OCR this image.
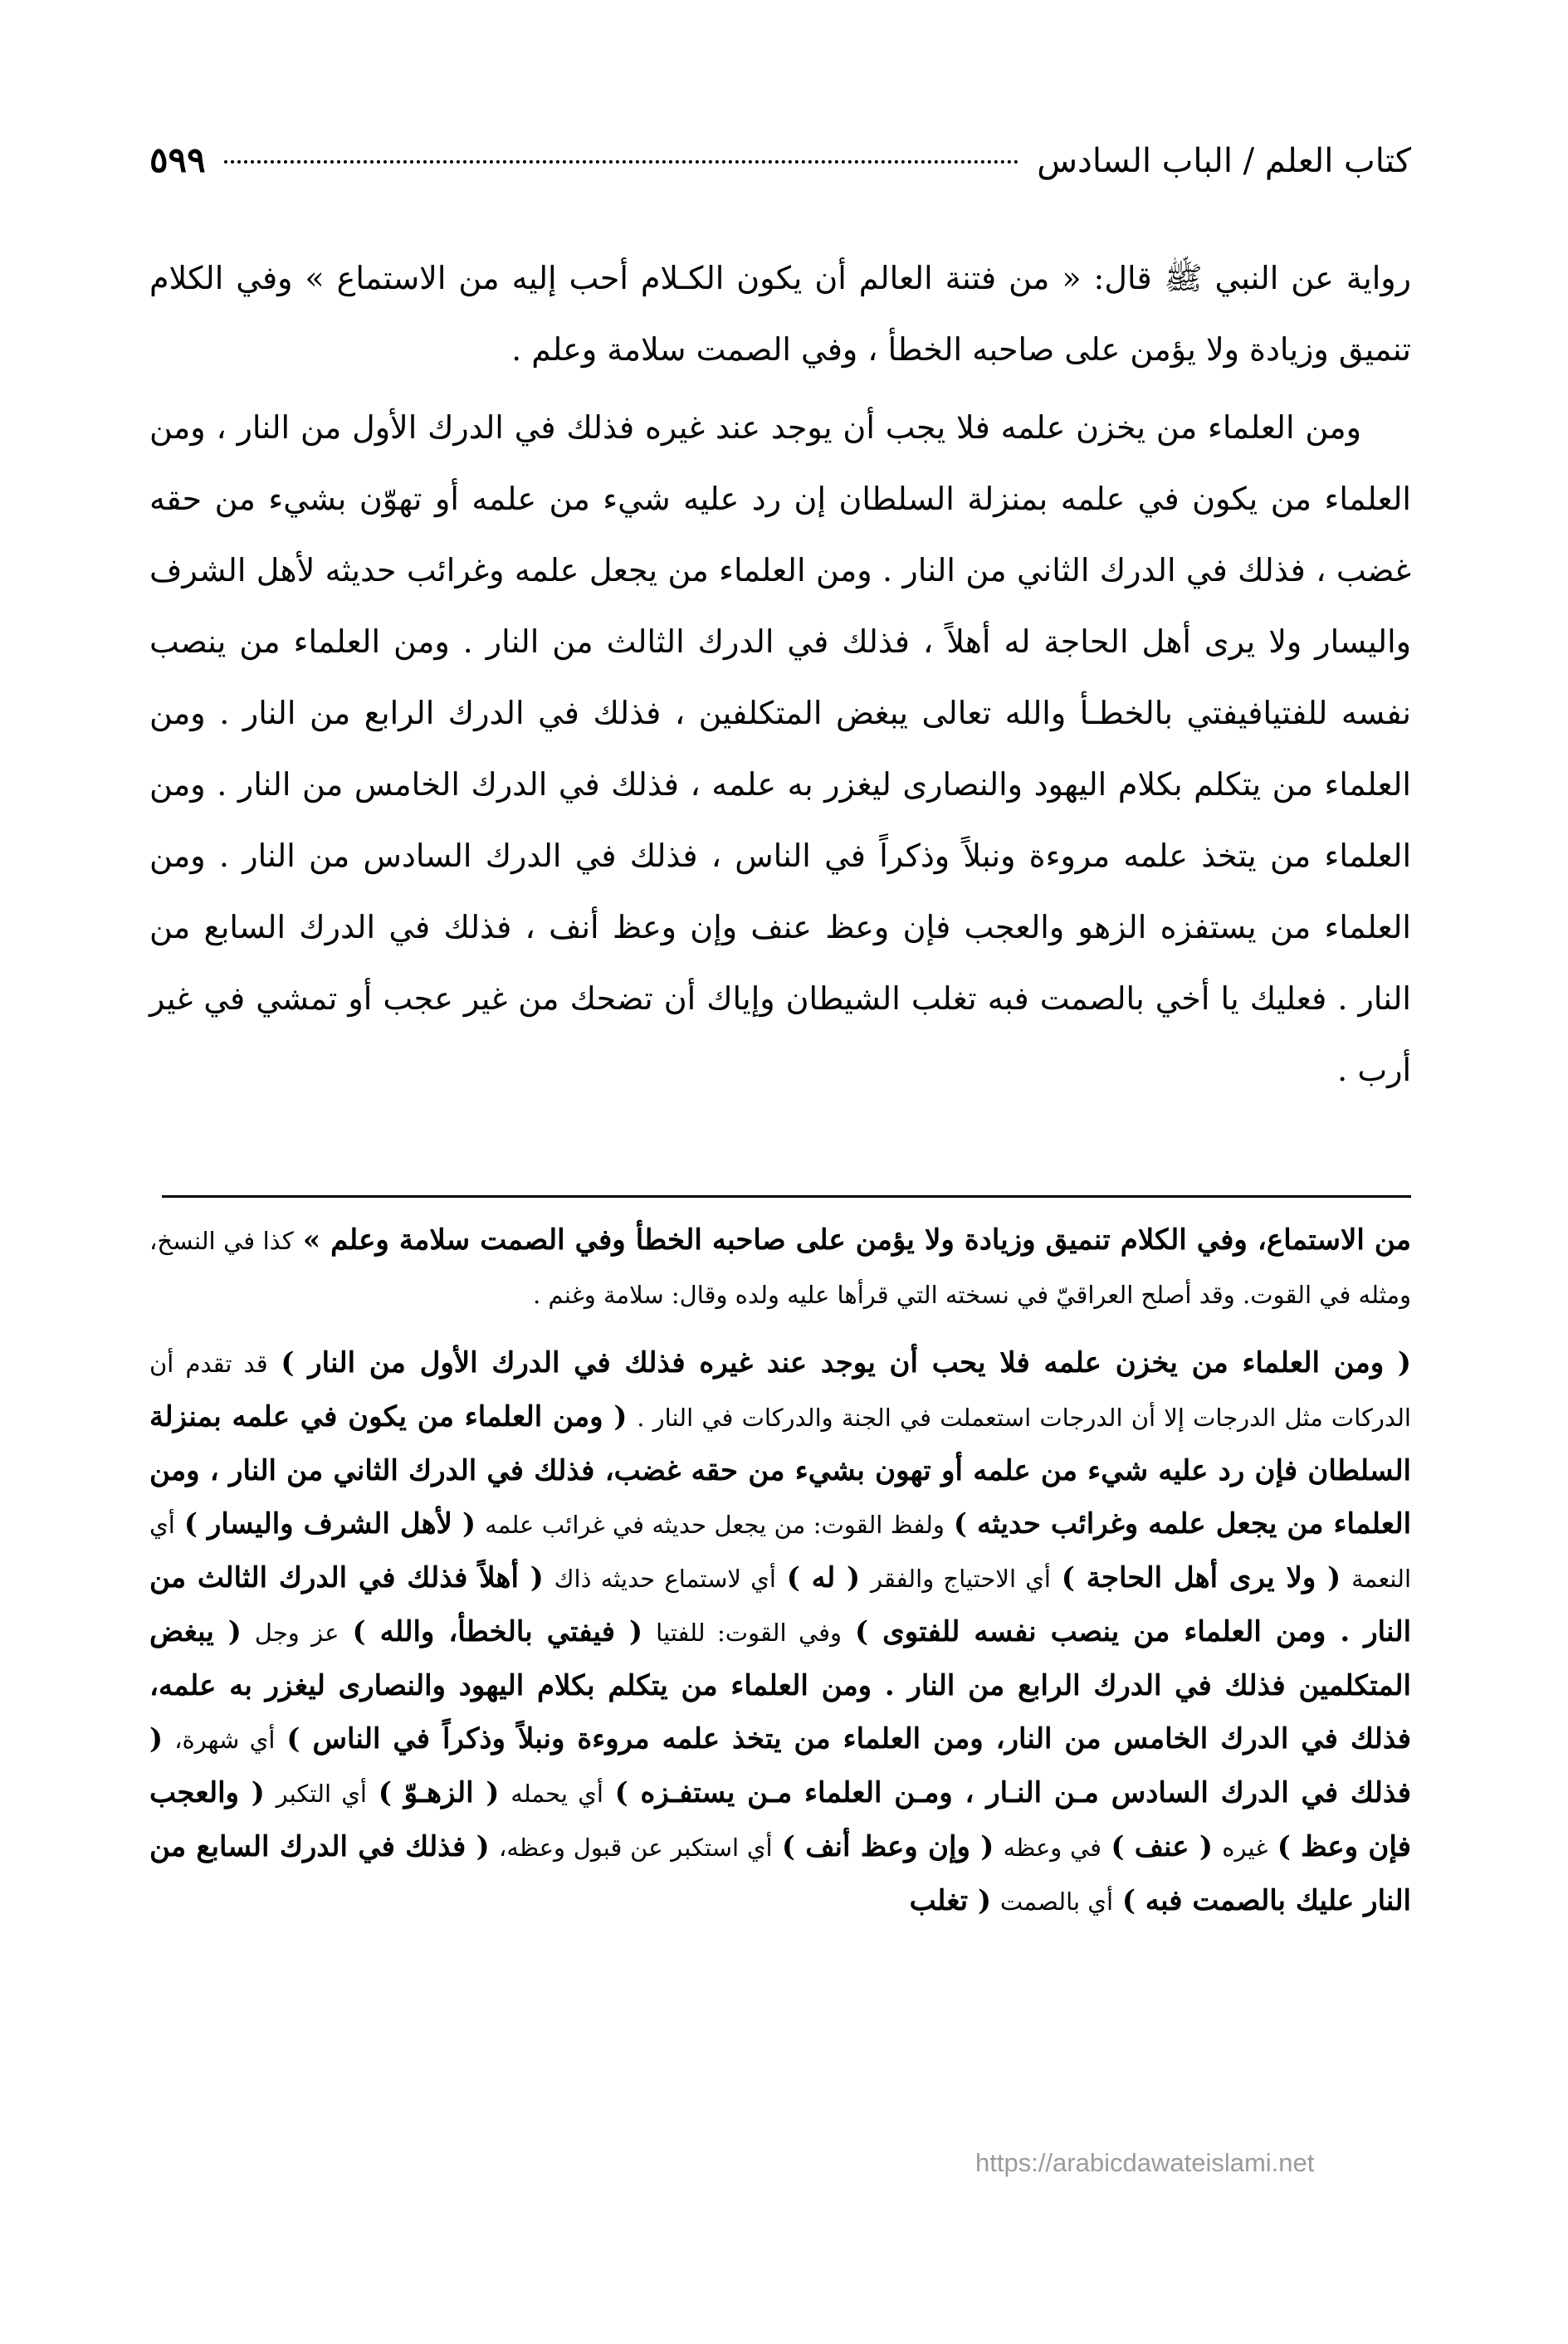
كتاب العلم / الباب السادس
٥٩٩

رواية عن النبي ﷺ قال: « من فتنة العالم أن يكون الكـلام أحب إليه من الاستماع » وفي الكلام تنميق وزيادة ولا يؤمن على صاحبه الخطأ ، وفي الصمت سلامة وعلم .

ومن العلماء من يخزن علمه فلا يجب أن يوجد عند غيره فذلك في الدرك الأول من النار ، ومن العلماء من يكون في علمه بمنزلة السلطان إن رد عليه شيء من علمه أو تهوّن بشيء من حقه غضب ، فذلك في الدرك الثاني من النار . ومن العلماء من يجعل علمه وغرائب حديثه لأهل الشرف واليسار ولا يرى أهل الحاجة له أهلاً ، فذلك في الدرك الثالث من النار . ومن العلماء من ينصب نفسه للفتيافيفتي بالخطـأ والله تعالى يبغض المتكلفين ، فذلك في الدرك الرابع من النار . ومن العلماء من يتكلم بكلام اليهود والنصارى ليغزر به علمه ، فذلك في الدرك الخامس من النار . ومن العلماء من يتخذ علمه مروءة ونبلاً وذكراً في الناس ، فذلك في الدرك السادس من النار . ومن العلماء من يستفزه الزهو والعجب فإن وعظ عنف وإن وعظ أنف ، فذلك في الدرك السابع من النار . فعليك يا أخي بالصمت فبه تغلب الشيطان وإياك أن تضحك من غير عجب أو تمشي في غير أرب .

من الاستماع، وفي الكلام تنميق وزيادة ولا يؤمن على صاحبه الخطأ وفي الصمت سلامة وعلم » كذا في النسخ، ومثله في القوت. وقد أصلح العراقيّ في نسخته التي قرأها عليه ولده وقال: سلامة وغنم .

( ومن العلماء من يخزن علمه فلا يحب أن يوجد عند غيره فذلك في الدرك الأول من النار ) قد تقدم أن الدركات مثل الدرجات إلا أن الدرجات استعملت في الجنة والدركات في النار . ( ومن العلماء من يكون في علمه بمنزلة السلطان فإن رد عليه شيء من علمه أو تهون بشيء من حقه غضب، فذلك في الدرك الثاني من النار ، ومن العلماء من يجعل علمه وغرائب حديثه ) ولفظ القوت: من يجعل حديثه في غرائب علمه ( لأهل الشرف واليسار ) أي النعمة ( ولا يرى أهل الحاجة ) أي الاحتياج والفقر ( له ) أي لاستماع حديثه ذاك ( أهلاً فذلك في الدرك الثالث من النار . ومن العلماء من ينصب نفسه للفتوى ) وفي القوت: للفتيا ( فيفتي بالخطأ، والله ) عز وجل ( يبغض المتكلمين فذلك في الدرك الرابع من النار . ومن العلماء من يتكلم بكلام اليهود والنصارى ليغزر به علمه، فذلك في الدرك الخامس من النار، ومن العلماء من يتخذ علمه مروءة ونبلاً وذكراً في الناس ) أي شهرة، ( فذلك في الدرك السادس مـن النـار ، ومـن العلماء مـن يستفـزه ) أي يحمله ( الزهـوّ ) أي التكبر ( والعجب فإن وعظ ) غيره ( عنف ) في وعظه ( وإن وعظ أنف ) أي استكبر عن قبول وعظه، ( فذلك في الدرك السابع من النار عليك بالصمت فبه ) أي بالصمت ( تغلب

https://arabicdawateislami.net
